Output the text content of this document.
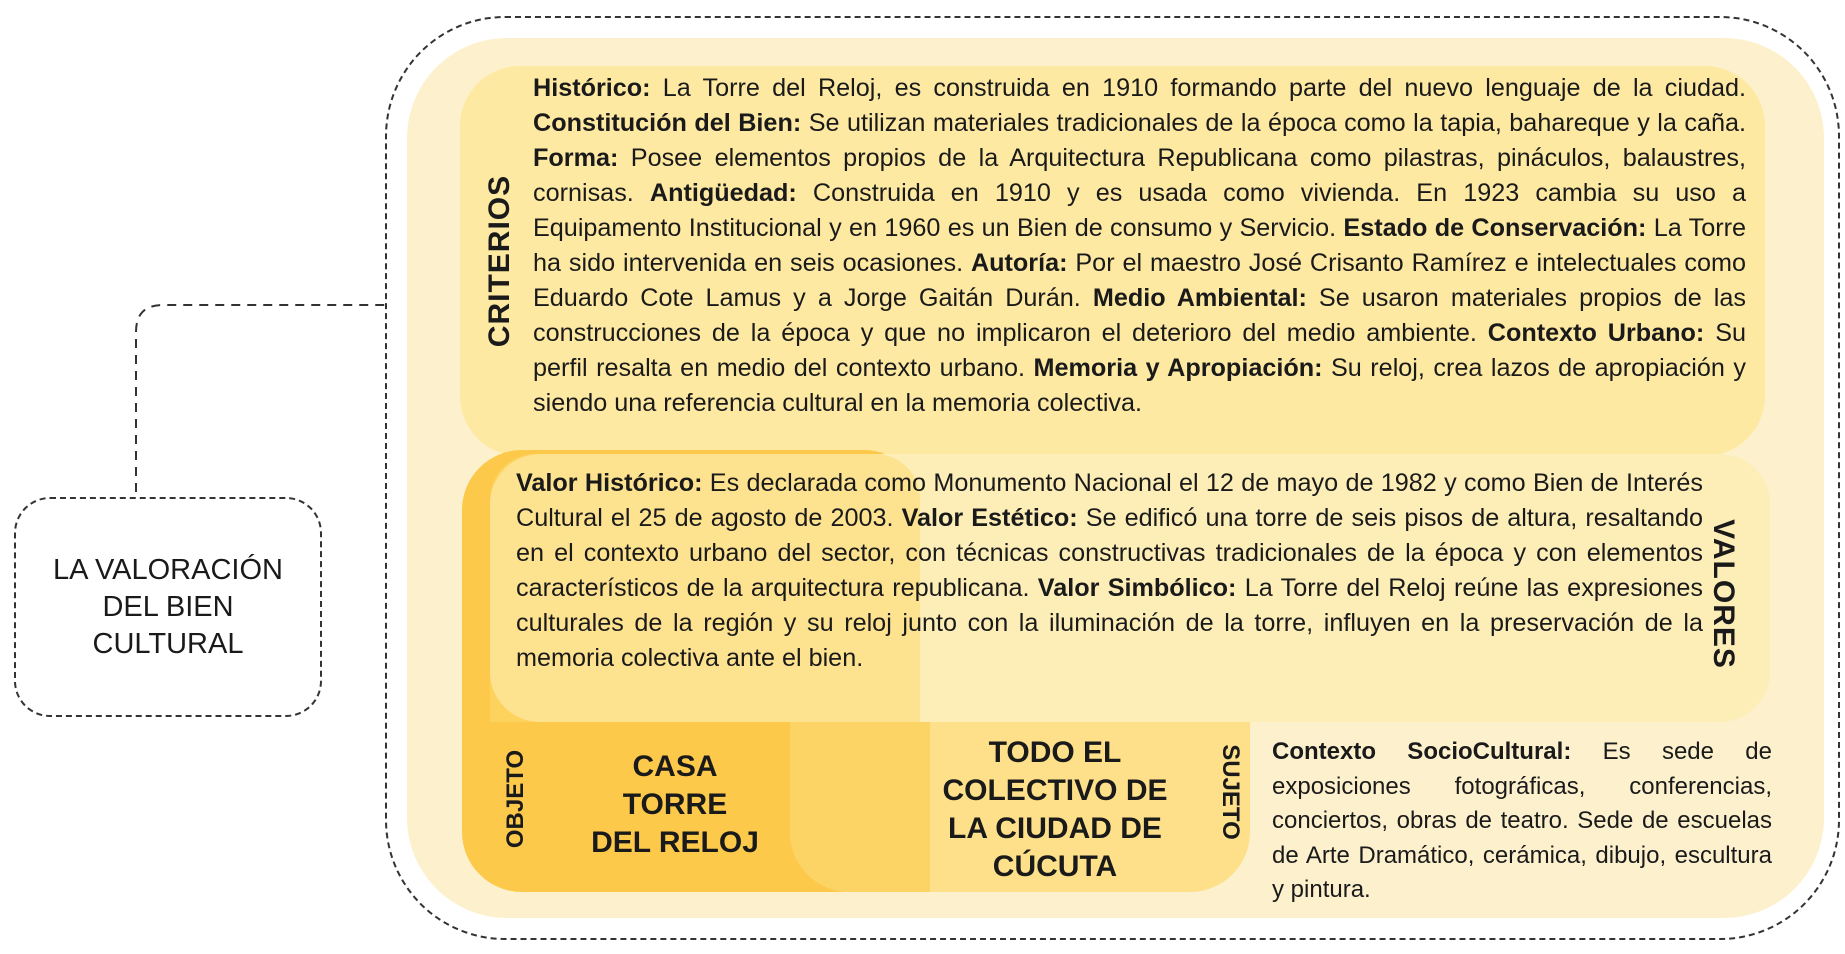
LA VALORACIÓN
DEL BIEN
CULTURAL
CRITERIOS
VALORES
OBJETO	SUJETO

Histórico: La Torre del Reloj, es construida en 1910 formando parte del nuevo lenguaje de la ciudad. Constitución del Bien: Se utilizan materiales tradicionales de la época como la tapia, bahareque y la caña. Forma: Posee elementos propios de la Arquitectura Republicana como pilastras, pináculos, balaustres, cornisas. Antigüedad: Construida en 1910 y es usada como vivienda. En 1923 cambia su uso a Equipamento Institucional y en 1960 es un Bien de consumo y Servicio. Estado de Conservación: La Torre ha sido intervenida en seis ocasiones. Autoría: Por el maestro José Crisanto Ramírez e intelectuales como Eduardo Cote Lamus y a Jorge Gaitán Durán. Medio Ambiental: Se usaron materiales propios de las construcciones de la época y que no implicaron el deterioro del medio ambiente. Contexto Urbano: Su perfil resalta en medio del contexto urbano. Memoria y Apropiación: Su reloj, crea lazos de apropiación y siendo una referencia cultural en la memoria colectiva.

Valor Histórico: Es declarada como Monumento Nacional el 12 de mayo de 1982 y como Bien de Interés Cultural el 25 de agosto de 2003. Valor Estético: Se edificó una torre de seis pisos de altura, resaltando en el contexto urbano del sector, con técnicas constructivas tradicionales de la época y con elementos característicos de la arquitectura republicana. Valor Simbólico: La Torre del Reloj reúne las expresiones culturales de la región y su reloj junto con la iluminación de la torre, influyen en la preservación de la memoria colectiva ante el bien.

CASA
TORRE
DEL RELOJ
TODO EL
COLECTIVO DE
LA CIUDAD DE
CÚCUTA

Contexto SocioCultural: Es sede de exposiciones fotográficas, conferencias, conciertos, obras de teatro. Sede de escuelas de Arte Dramático, cerámica, dibujo, escultura y pintura.
